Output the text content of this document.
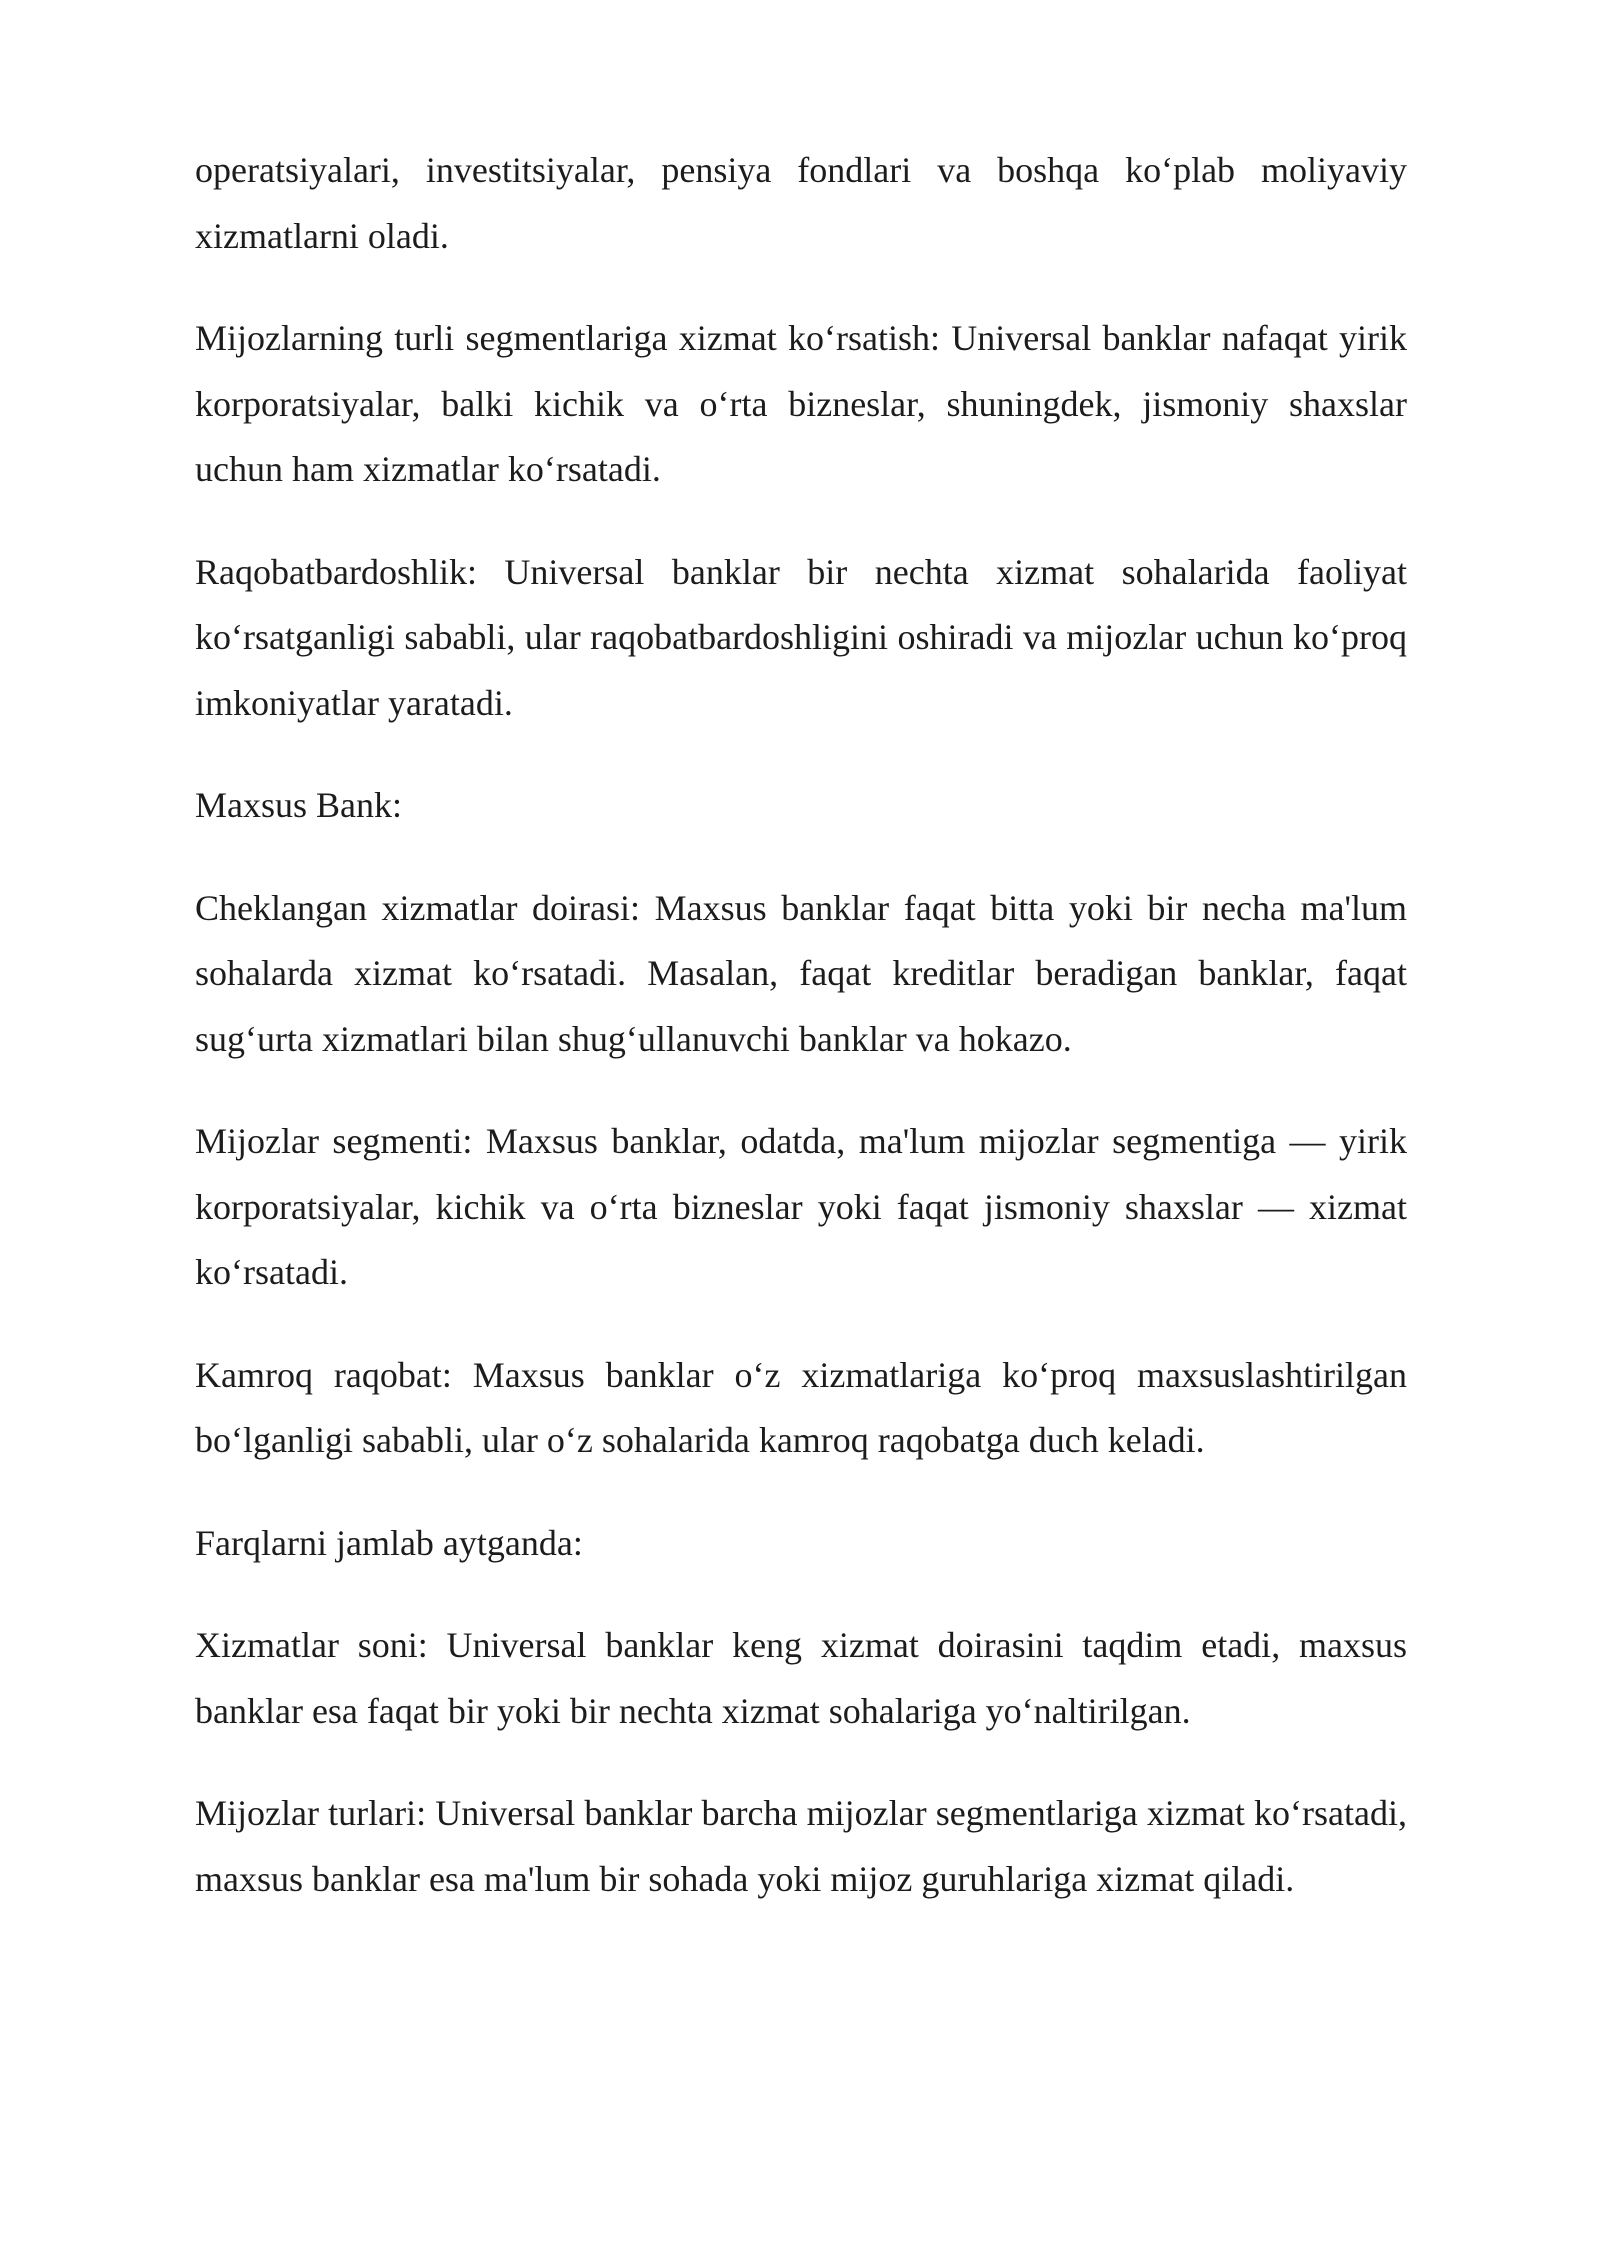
operatsiyalari, investitsiyalar, pensiya fondlari va boshqa ko‘plab moliyaviy xizmatlarni oladi.

Mijozlarning turli segmentlariga xizmat ko‘rsatish: Universal banklar nafaqat yirik korporatsiyalar, balki kichik va o‘rta bizneslar, shuningdek, jismoniy shaxslar uchun ham xizmatlar ko‘rsatadi.

Raqobatbardoshlik: Universal banklar bir nechta xizmat sohalarida faoliyat ko‘rsatganligi sababli, ular raqobatbardoshligini oshiradi va mijozlar uchun ko‘proq imkoniyatlar yaratadi.

Maxsus Bank:

Cheklangan xizmatlar doirasi: Maxsus banklar faqat bitta yoki bir necha ma'lum sohalarda xizmat ko‘rsatadi. Masalan, faqat kreditlar beradigan banklar, faqat sug‘urta xizmatlari bilan shug‘ullanuvchi banklar va hokazo.

Mijozlar segmenti: Maxsus banklar, odatda, ma'lum mijozlar segmentiga — yirik korporatsiyalar, kichik va o‘rta bizneslar yoki faqat jismoniy shaxslar — xizmat ko‘rsatadi.

Kamroq raqobat: Maxsus banklar o‘z xizmatlariga ko‘proq maxsuslashtirilgan bo‘lganligi sababli, ular o‘z sohalarida kamroq raqobatga duch keladi.

Farqlarni jamlab aytganda:

Xizmatlar soni: Universal banklar keng xizmat doirasini taqdim etadi, maxsus banklar esa faqat bir yoki bir nechta xizmat sohalariga yo‘naltirilgan.

Mijozlar turlari: Universal banklar barcha mijozlar segmentlariga xizmat ko‘rsatadi, maxsus banklar esa ma'lum bir sohada yoki mijoz guruhlariga xizmat qiladi.
